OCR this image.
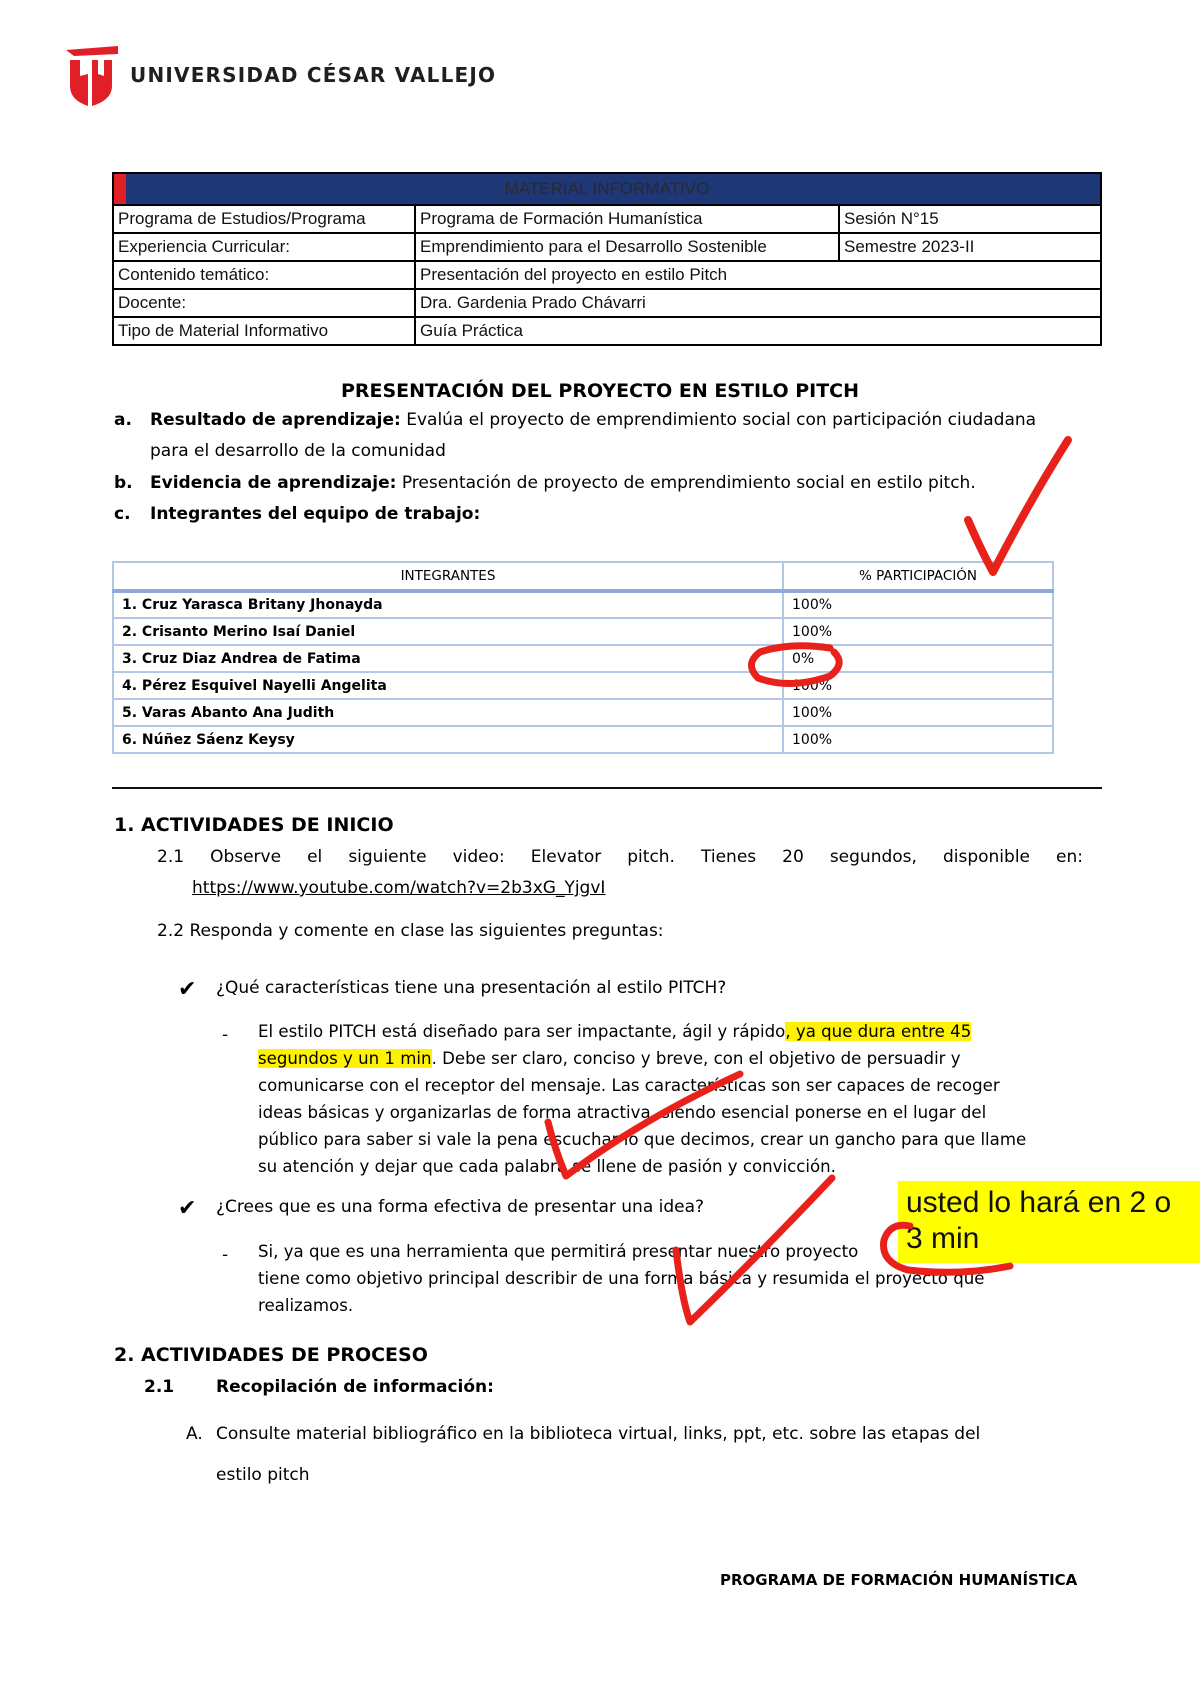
UNIVERSIDAD CÉSAR VALLEJO
MATERIAL INFORMATIVO		
Programa de Estudios/Programa	Programa de Formación Humanística	Sesión N°15
Experiencia Curricular:	Emprendimiento para el Desarrollo Sostenible	Semestre 2023-II
Contenido temático:	Presentación del proyecto en estilo Pitch	
Docente:	Dra. Gardenia Prado Chávarri	
Tipo de Material Informativo	Guía Práctica	
PRESENTACIÓN DEL PROYECTO EN ESTILO PITCH
a.	Resultado de aprendizaje: Evalúa el proyecto de emprendimiento social con participación ciudadana
para el desarrollo de la comunidad
b.	Evidencia de aprendizaje: Presentación de proyecto de emprendimiento social en estilo pitch.
c.	Integrantes del equipo de trabajo:
INTEGRANTES	% PARTICIPACIÓN
1. Cruz Yarasca Britany Jhonayda	100%
2. Crisanto Merino Isaí Daniel	100%
3. Cruz Diaz Andrea de Fatima	0%
4. Pérez Esquivel Nayelli Angelita	100%
5. Varas Abanto Ana Judith	100%
6. Núñez Sáenz Keysy	100%
1. ACTIVIDADES DE INICIO
2.1 Observe el siguiente video: Elevator pitch. Tienes 20 segundos, disponible en:
https://www.youtube.com/watch?v=2b3xG_YjgvI
2.2 Responda y comente en clase las siguientes preguntas:
✔ ¿Qué características tiene una presentación al estilo PITCH?
- El estilo PITCH está diseñado para ser impactante, ágil y rápido, ya que dura entre 45
segundos y un 1 min. Debe ser claro, conciso y breve, con el objetivo de persuadir y
comunicarse con el receptor del mensaje. Las características son ser capaces de recoger
ideas básicas y organizarlas de forma atractiva, siendo esencial ponerse en el lugar del
público para saber si vale la pena escuchar lo que decimos, crear un gancho para que llame
su atención y dejar que cada palabra se llene de pasión y convicción.
✔ ¿Crees que es una forma efectiva de presentar una idea?
- Si, ya que es una herramienta que permitirá presentar nuestro proyecto
tiene como objetivo principal describir de una forma básica y resumida el proyecto que
realizamos.
2. ACTIVIDADES DE PROCESO
2.1	Recopilación de información:
A. Consulte material bibliográfico en la biblioteca virtual, links, ppt, etc. sobre las etapas del
estilo pitch
usted lo hará en 2 o
3 min
PROGRAMA DE FORMACIÓN HUMANÍSTICA
